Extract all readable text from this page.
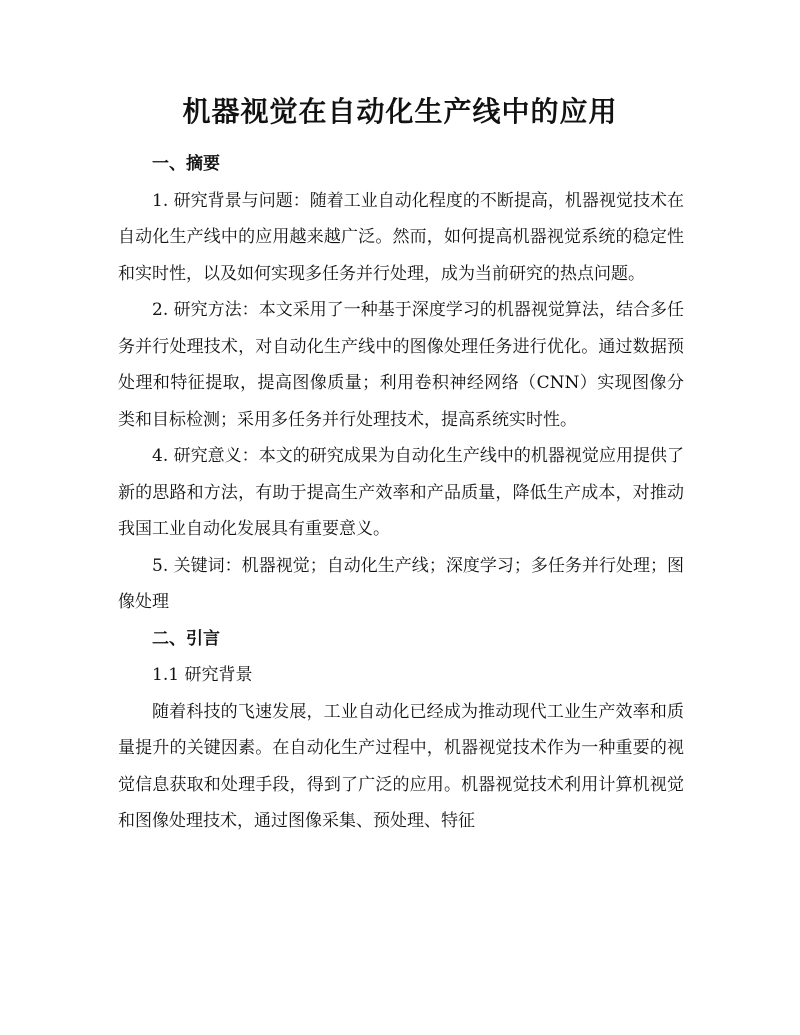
机器视觉在自动化生产线中的应用

一、摘要

1. 研究背景与问题：随着工业自动化程度的不断提高，机器视觉技术在自动化生产线中的应用越来越广泛。然而，如何提高机器视觉系统的稳定性和实时性，以及如何实现多任务并行处理，成为当前研究的热点问题。

2. 研究方法：本文采用了一种基于深度学习的机器视觉算法，结合多任务并行处理技术，对自动化生产线中的图像处理任务进行优化。通过数据预处理和特征提取，提高图像质量；利用卷积神经网络（CNN）实现图像分类和目标检测；采用多任务并行处理技术，提高系统实时性。

4. 研究意义：本文的研究成果为自动化生产线中的机器视觉应用提供了新的思路和方法，有助于提高生产效率和产品质量，降低生产成本，对推动我国工业自动化发展具有重要意义。

5. 关键词：机器视觉；自动化生产线；深度学习；多任务并行处理；图像处理

二、引言

1.1 研究背景

随着科技的飞速发展，工业自动化已经成为推动现代工业生产效率和质量提升的关键因素。在自动化生产过程中，机器视觉技术作为一种重要的视觉信息获取和处理手段，得到了广泛的应用。机器视觉技术利用计算机视觉和图像处理技术，通过图像采集、预处理、特征
